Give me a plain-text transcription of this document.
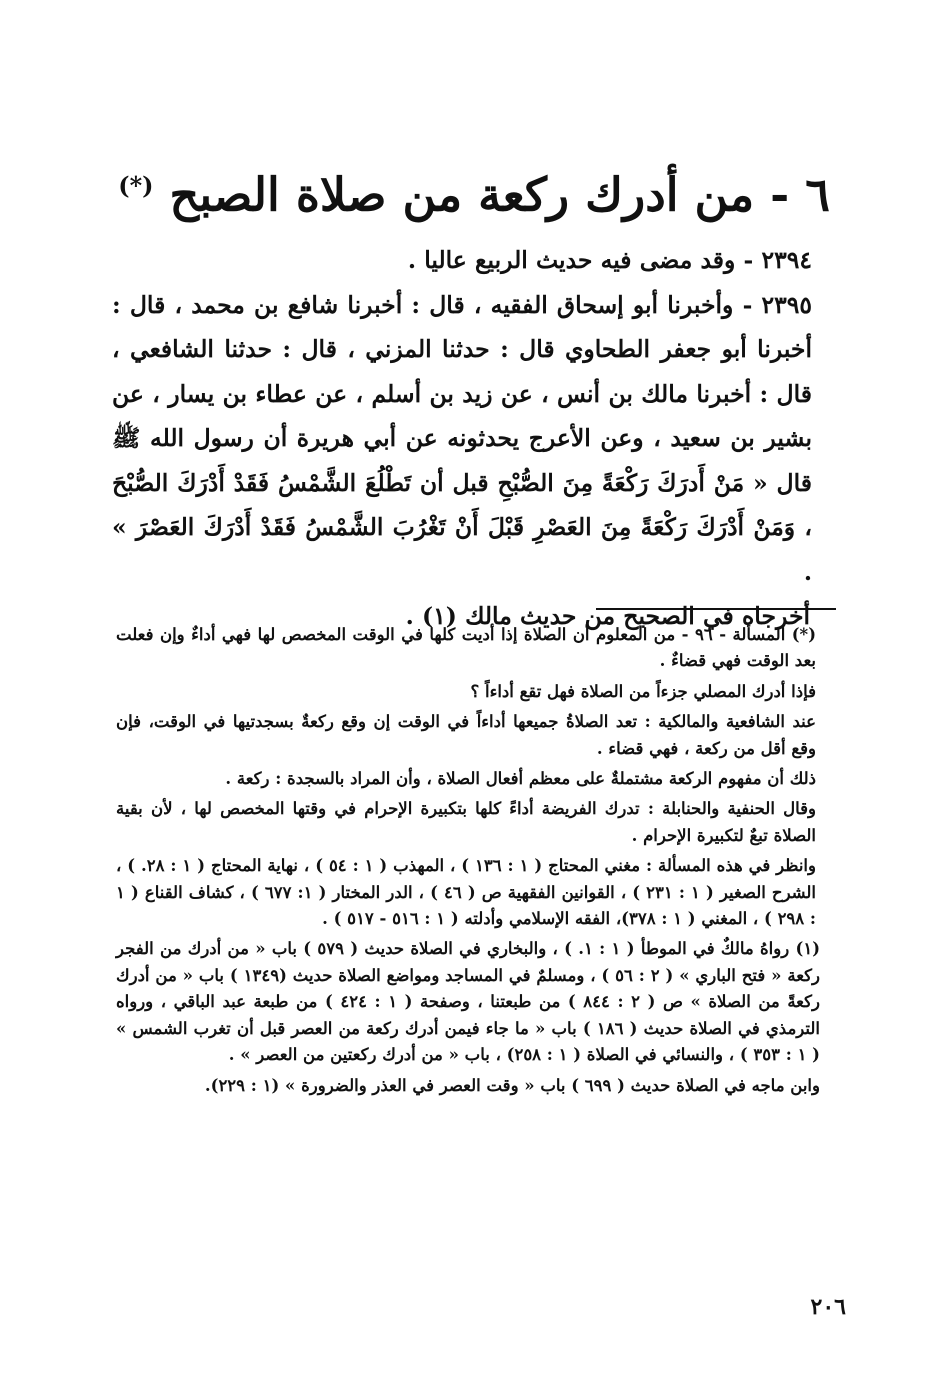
٦ - من أدرك ركعة من صلاة الصبح (*)

٢٣٩٤ - وقد مضى فيه حديث الربيع عاليا .

٢٣٩٥ - وأخبرنا أبو إسحاق الفقيه ، قال : أخبرنا شافع بن محمد ، قال : أخبرنا أبو جعفر الطحاوي قال : حدثنا المزني ، قال : حدثنا الشافعي ، قال : أخبرنا مالك بن أنس ، عن زيد بن أسلم ، عن عطاء بن يسار ، عن بشير بن سعيد ، وعن الأعرج يحدثونه عن أبي هريرة أن رسول الله ﷺ قال « مَنْ أَدرَكَ رَكْعَةً مِنَ الصُّبْحِ قبل أن تَطْلُعَ الشَّمْسُ فَقَدْ أَدْرَكَ الصُّبْحَ ، وَمَنْ أَدْرَكَ رَكْعَةً مِنَ العَصْرِ قَبْلَ أَنْ تَغْرُبَ الشَّمْسُ فَقَدْ أَدْرَكَ العَصْرَ » .

أخرجاه في الصحيح من حديث مالك (١) .

(*) المسألة - ٩٦ - من المعلوم أن الصلاة إذا أديت كلها في الوقت المخصص لها فهي أداءٌ وإن فعلت بعد الوقت فهي قضاءٌ .

فإذا أدرك المصلي جزءاً من الصلاة فهل تقع أداءاً ؟

عند الشافعية والمالكية : تعد الصلاةُ جميعها أداءاً في الوقت إن وقع ركعةٌ بسجدتيها في الوقت، فإن وقع أقل من ركعة ، فهي قضاء .

ذلك أن مفهوم الركعة مشتملةٌ على معظم أفعال الصلاة ، وأن المراد بالسجدة : ركعة .

وقال الحنفية والحنابلة : تدرك الفريضة أداءً كلها بتكبيرة الإحرام في وقتها المخصص لها ، لأن بقية الصلاة تبعٌ لتكبيرة الإحرام .

وانظر في هذه المسألة : مغني المحتاج ( ١ : ١٣٦ ) ، المهذب ( ١ : ٥٤ ) ، نهاية المحتاج ( ١ : ٢٨. ) ، الشرح الصغير ( ١ : ٢٣١ ) ، القوانين الفقهية ص ( ٤٦ ) ، الدر المختار ( ١: ٦٧٧ ) ، كشاف القناع ( ١ : ٢٩٨ ) ، المغني ( ١ : ٣٧٨)، الفقه الإسلامي وأدلته ( ١ : ٥١٦ - ٥١٧ ) .

(١) رواهُ مالكٌ في الموطأ ( ١ : ١. ) ، والبخاري في الصلاة حديث ( ٥٧٩ ) باب « من أدرك من الفجر ركعة « فتح الباري » ( ٢ : ٥٦ ) ، ومسلمٌ في المساجد ومواضع الصلاة حديث (١٣٤٩ ) باب « من أدرك ركعةً من الصلاة » ص ( ٢ : ٨٤٤ ) من طبعتنا ، وصفحة ( ١ : ٤٢٤ ) من طبعة عبد الباقي ، ورواه الترمذي في الصلاة حديث ( ١٨٦ ) باب « ما جاء فيمن أدرك ركعة من العصر قبل أن تغرب الشمس » ( ١ : ٣٥٣ ) ، والنسائي في الصلاة ( ١ : ٢٥٨) ، باب « من أدرك ركعتين من العصر » .

وابن ماجه في الصلاة حديث ( ٦٩٩ ) باب « وقت العصر في العذر والضرورة » (١ : ٢٢٩).

٢٠٦
